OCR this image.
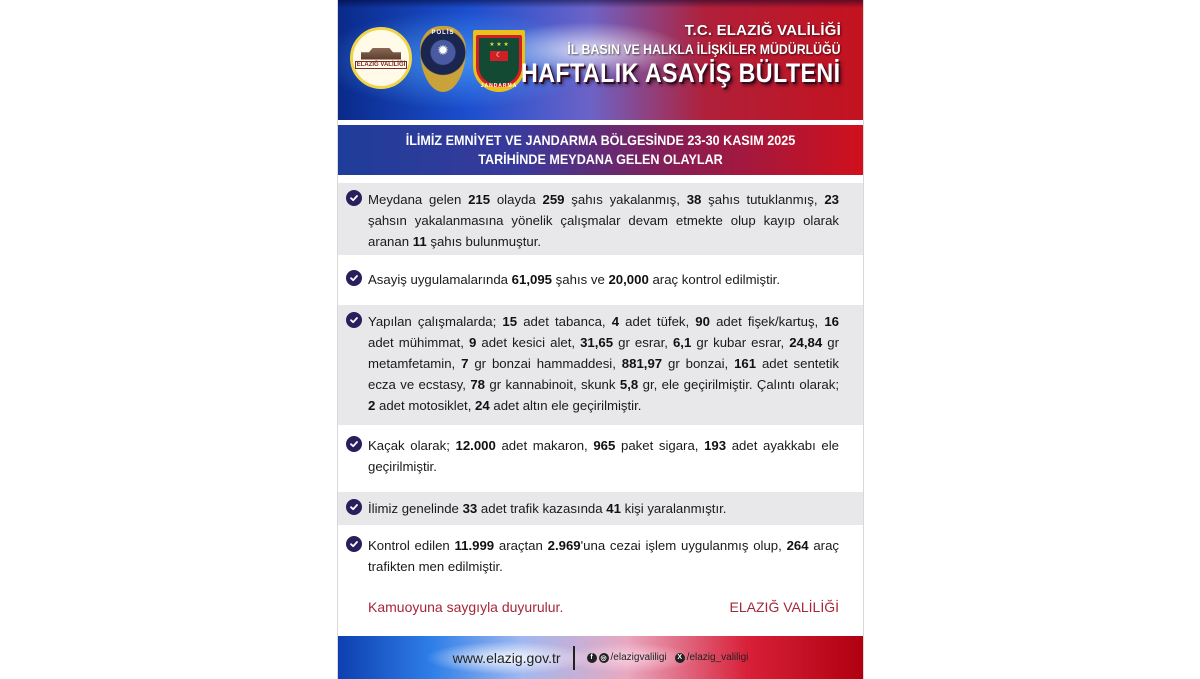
ELAZIĞ VALİLİĞİ
POLİS
✹	★ ★ ★
☾
JANDARMA
T.C. ELAZIĞ VALİLİĞİ
İL BASIN VE HALKLA İLİŞKİLER MÜDÜRLÜĞÜ
HAFTALIK ASAYİŞ BÜLTENİ
İLİMİZ EMNİYET VE JANDARMA BÖLGESİNDE 23-30 KASIM 2025
TARİHİNDE MEYDANA GELEN OLAYLAR
Meydana gelen 215 olayda 259 şahıs yakalanmış, 38 şahıs tutuklanmış, 23 şahsın yakalanmasına yönelik çalışmalar devam etmekte olup kayıp olarak aranan 11 şahıs bulunmuştur.
Asayiş uygulamalarında 61,095 şahıs ve 20,000 araç kontrol edilmiştir.
Yapılan çalışmalarda; 15 adet tabanca, 4 adet tüfek, 90 adet fişek/kartuş, 16 adet mühimmat, 9 adet kesici alet, 31,65 gr esrar, 6,1 gr kubar esrar, 24,84 gr metamfetamin, 7 gr bonzai hammaddesi, 881,97 gr bonzai, 161 adet sentetik ecza ve ecstasy, 78 gr kannabinoit, skunk 5,8 gr, ele geçirilmiştir. Çalıntı olarak; 2 adet motosiklet, 24 adet altın ele geçirilmiştir.
Kaçak olarak; 12.000 adet makaron, 965 paket sigara, 193 adet ayakkabı ele geçirilmiştir.
İlimiz genelinde 33 adet trafik kazasında 41 kişi yaralanmıştır.
Kontrol edilen 11.999 araçtan 2.969'una cezai işlem uygulanmış olup, 264 araç trafikten men edilmiştir.
Kamuoyuna saygıyla duyurulur.	ELAZIĞ VALİLİĞİ
www.elazig.gov.tr	f	◎ /elazigvaliligi	X /elazig_valiligi
